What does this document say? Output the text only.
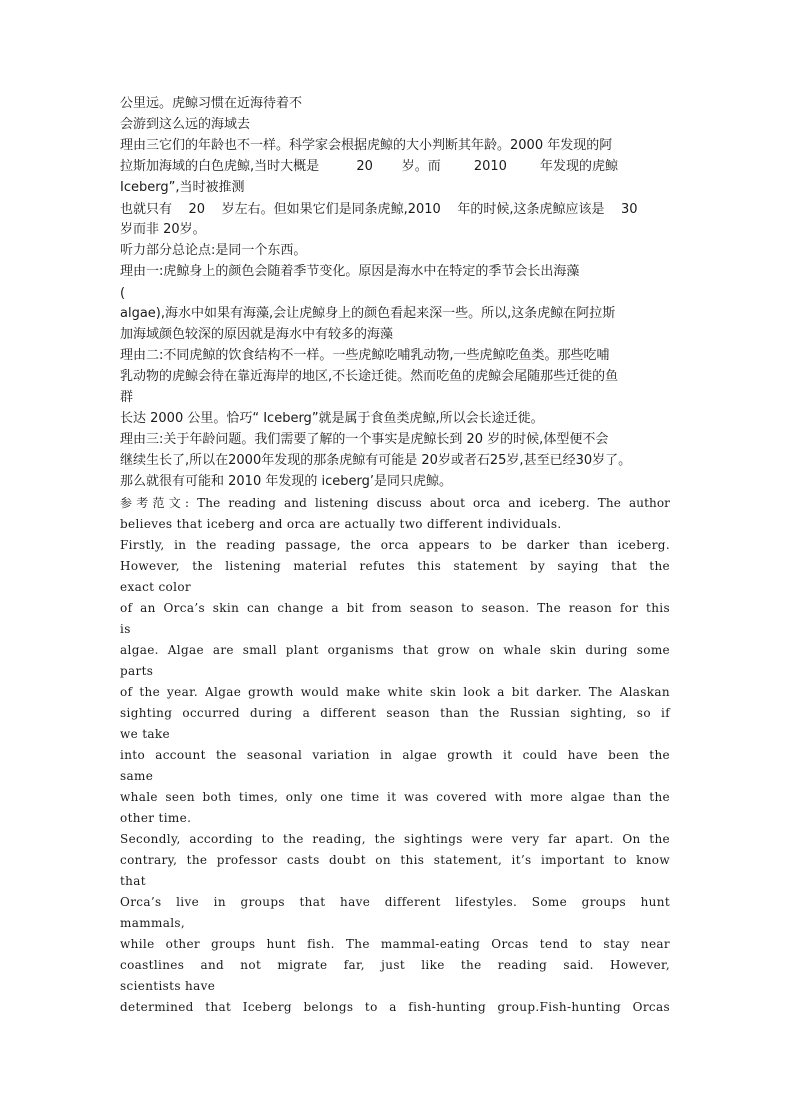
公里远。虎鲸习惯在近海待着不
会游到这么远的海域去
理由三它们的年龄也不一样。科学家会根据虎鲸的大小判断其年龄。2000 年发现的阿
拉斯加海域的白色虎鲸,当时大概是         20       岁。而        2010        年发现的虎鲸
Iceberg”,当时被推测
也就只有    20    岁左右。但如果它们是同条虎鲸,2010    年的时候,这条虎鲸应该是    30
岁而非 20岁。
听力部分总论点:是同一个东西。
理由一:虎鲸身上的颜色会随着季节变化。原因是海水中在特定的季节会长出海藻
(
algae),海水中如果有海藻,会让虎鲸身上的颜色看起来深一些。所以,这条虎鲸在阿拉斯
加海域颜色较深的原因就是海水中有较多的海藻
理由二:不同虎鲸的饮食结构不一样。一些虎鲸吃哺乳动物,一些虎鲸吃鱼类。那些吃哺
乳动物的虎鲸会待在靠近海岸的地区,不长途迁徙。然而吃鱼的虎鲸会尾随那些迁徙的鱼
群
长达 2000 公里。恰巧“ Iceberg”就是属于食鱼类虎鲸,所以会长途迁徙。
理由三:关于年龄问题。我们需要了解的一个事实是虎鲸长到 20 岁的时候,体型便不会
继续生长了,所以在2000年发现的那条虎鲸有可能是 20岁或者石25岁,甚至已经30岁了。
那么就很有可能和 2010 年发现的 iceberg’是同只虎鲸。
参考范文: The reading and listening discuss about orca and iceberg. The author
believes that iceberg and orca are actually two different individuals.
Firstly, in the reading passage, the orca appears to be darker than iceberg.
However, the listening material refutes this statement by saying that the
exact color
of an Orca’s skin can change a bit from season to season. The reason for this
is
algae. Algae are small plant organisms that grow on whale skin during some
parts
of the year. Algae growth would make white skin look a bit darker. The Alaskan
sighting occurred during a different season than the Russian sighting, so if
we take
into account the seasonal variation in algae growth it could have been the
same
whale seen both times, only one time it was covered with more algae than the
other time.
Secondly, according to the reading, the sightings were very far apart. On the
contrary, the professor casts doubt on this statement, it’s important to know
that
Orca’s live in groups that have different lifestyles. Some groups hunt
mammals,
while other groups hunt fish. The mammal-eating Orcas tend to stay near
coastlines and not migrate far, just like the reading said. However,
scientists have
determined that Iceberg belongs to a fish-hunting group.Fish-hunting Orcas
